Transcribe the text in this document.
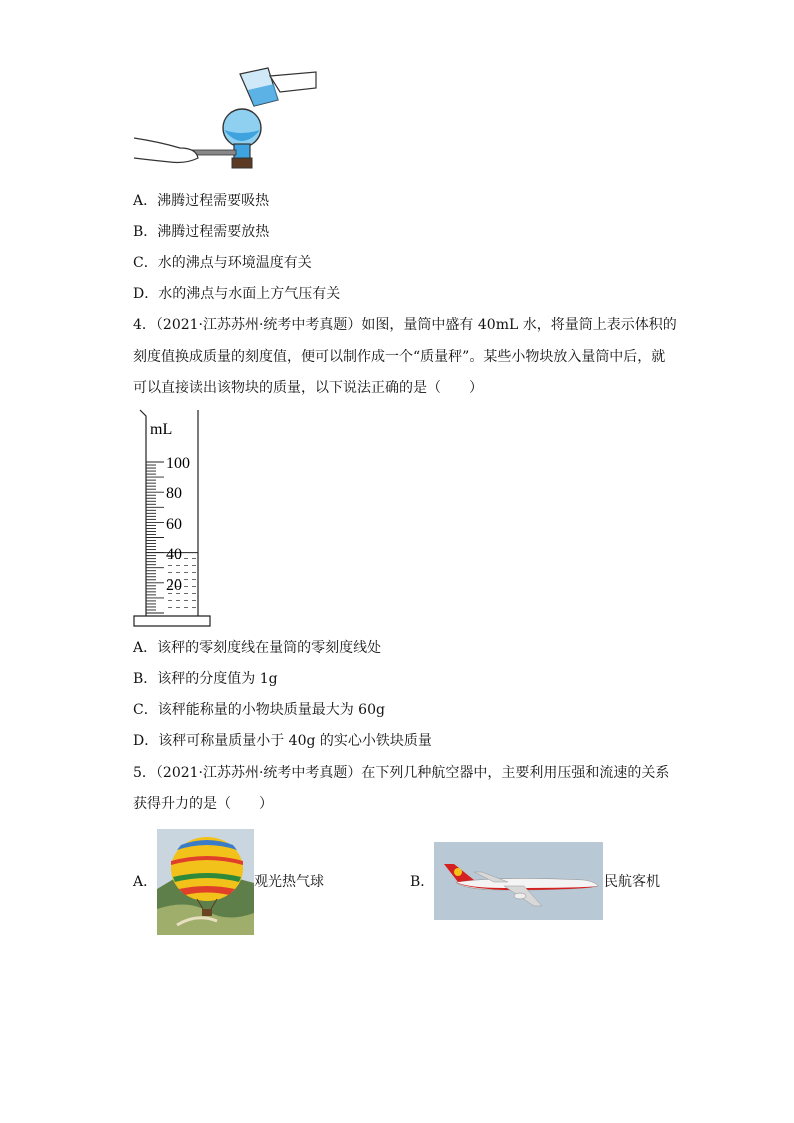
A．沸腾过程需要吸热
B．沸腾过程需要放热
C．水的沸点与环境温度有关
D．水的沸点与水面上方气压有关
4．（2021·江苏苏州·统考中考真题）如图，量筒中盛有 40mL 水，将量筒上表示体积的
刻度值换成质量的刻度值，便可以制作成一个“质量秤”。某些小物块放入量筒中后，就
可以直接读出该物块的质量，以下说法正确的是（　　）
mL
100
80
60
40
20
A．该秤的零刻度线在量筒的零刻度线处
B．该秤的分度值为 1g
C．该秤能称量的小物块质量最大为 60g
D．该秤可称量质量小于 40g 的实心小铁块质量
5．（2021·江苏苏州·统考中考真题）在下列几种航空器中，主要利用压强和流速的关系
获得升力的是（　　）
A．	观光热气球	B．	民航客机
